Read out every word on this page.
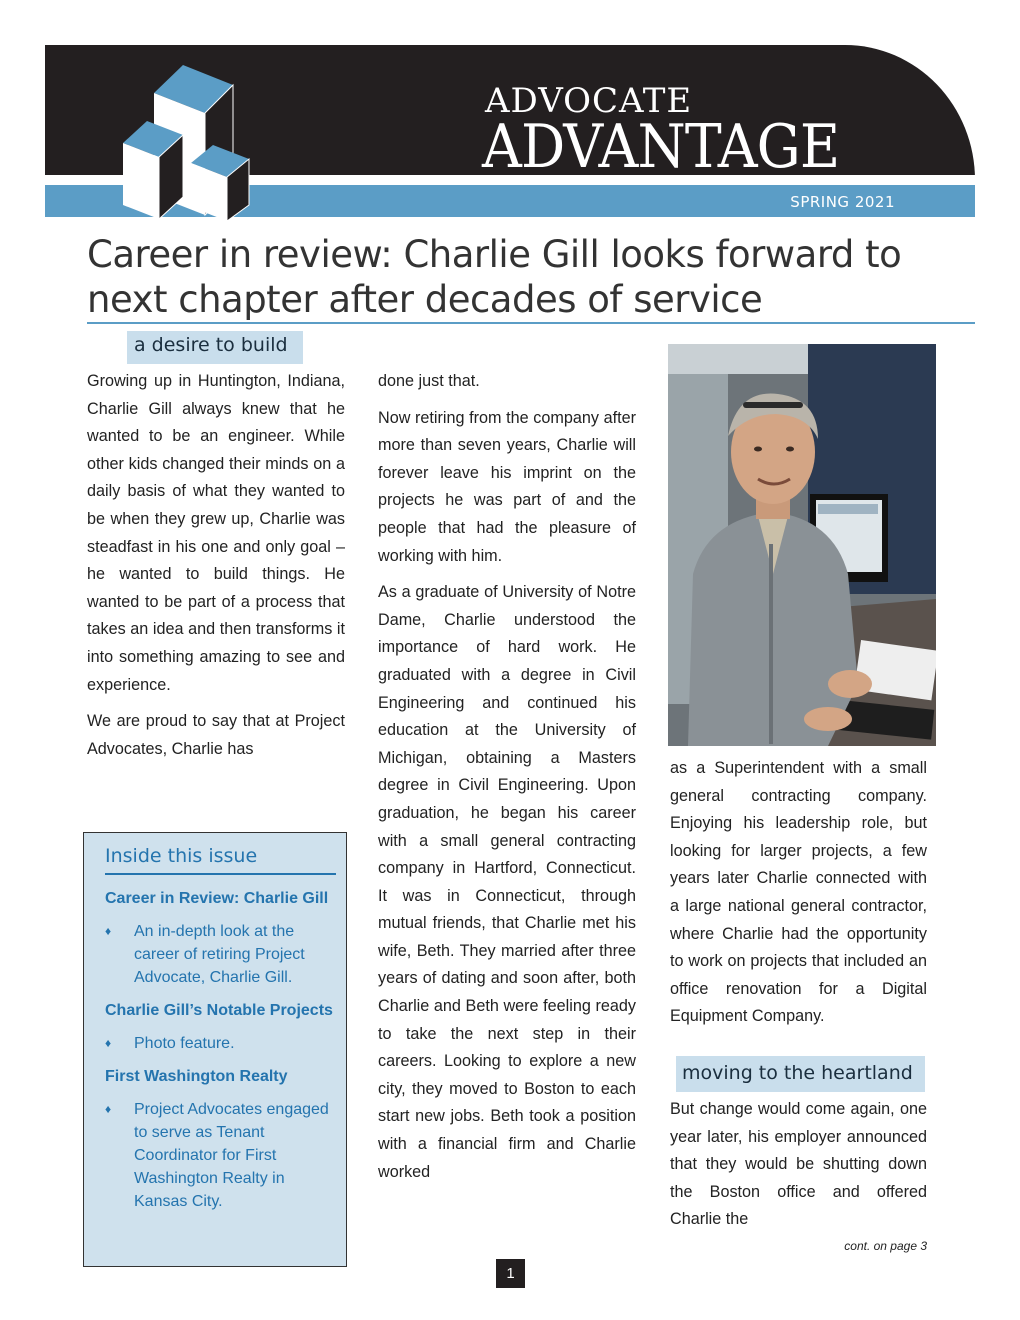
ADVOCATE
ADVANTAGE
SPRING 2021
Career in review: Charlie Gill looks forward to next chapter after decades of service
a desire to build

Growing up in Huntington, Indiana, Charlie Gill always knew that he wanted to be an engineer. While other kids changed their minds on a daily basis of what they wanted to be when they grew up, Charlie was steadfast in his one and only goal – he wanted to build things. He wanted to be part of a process that takes an idea and then transforms it into something amazing to see and experience.

We are proud to say that at Project Advocates, Charlie has

done just that.

Now retiring from the company after more than seven years, Charlie will forever leave his imprint on the projects he was part of and the people that had the pleasure of working with him.

As a graduate of University of Notre Dame, Charlie understood the importance of hard work. He graduated with a degree in Civil Engineering and continued his education at the University of Michigan, obtaining a Masters degree in Civil Engineering. Upon graduation, he began his career with a small general contracting company in Hartford, Connecticut. It was in Connecticut, through mutual friends, that Charlie met his wife, Beth. They married after three years of dating and soon after, both Charlie and Beth were feeling ready to take the next step in their careers. Looking to explore a new city, they moved to Boston to each start new jobs. Beth took a position with a financial firm and Charlie worked

as a Superintendent with a small general contracting company. Enjoying his leadership role, but looking for larger projects, a few years later Charlie connected with a large national general contractor, where Charlie had the opportunity to work on projects that included an office renovation for a Digital Equipment Company.

moving to the heartland

But change would come again, one year later, his employer announced that they would be shutting down the Boston office and offered Charlie the

cont. on page 3
Inside this issue
Career in Review: Charlie Gill
♦ An in-depth look at the career of retiring Project Advocate, Charlie Gill.
Charlie Gill’s Notable Projects
♦ Photo feature.
First Washington Realty
♦ Project Advocates engaged to serve as Tenant Coordinator for First Washington Realty in Kansas City.
1
